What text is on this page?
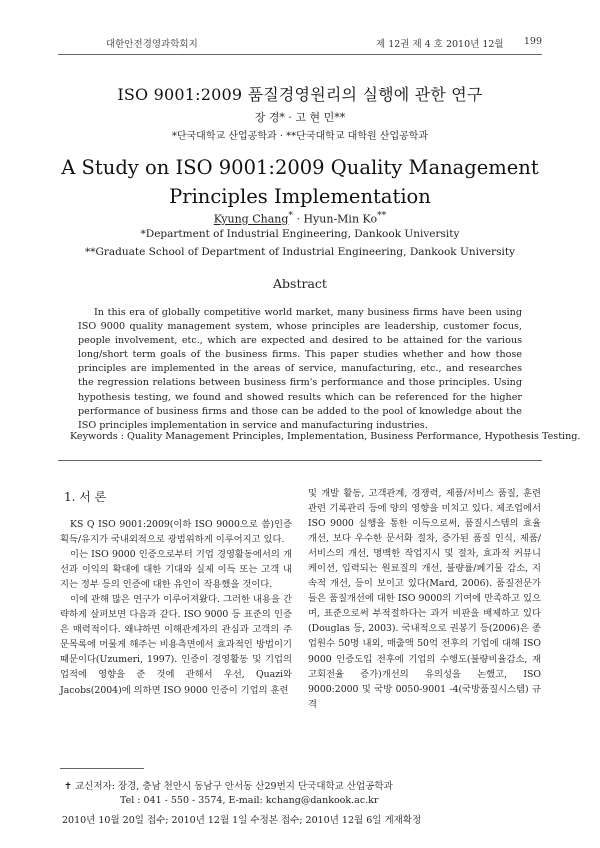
대한안전경영과학회지	제 12권 제 4 호 2010년 12월 199
ISO 9001:2009 품질경영원리의 실행에 관한 연구
장 경* · 고 현 민**
*단국대학교 산업공학과 · **단국대학교 대학원 산업공학과
A Study on ISO 9001:2009 Quality Management Principles Implementation
Kyung Chang* · Hyun-Min Ko**
*Department of Industrial Engineering, Dankook University
**Graduate School of Department of Industrial Engineering, Dankook University
Abstract

In this era of globally competitive world market, many business firms have been using ISO 9000 quality management system, whose principles are leadership, customer focus, people involvement, etc., which are expected and desired to be attained for the various long/short term goals of the business firms. This paper studies whether and how those principles are implemented in the areas of service, manufacturing, etc., and researches the regression relations between business firm's performance and those principles. Using hypothesis testing, we found and showed results which can be referenced for the higher performance of business firms and those can be added to the pool of knowledge about the ISO principles implementation in service and manufacturing industries.

Keywords : Quality Management Principles, Implementation, Business Performance, Hypothesis Testing.
1. 서 론

KS Q ISO 9001:2009(이하 ISO 9000으로 씀)인증 획득/유지가 국내외적으로 광범위하게 이루어지고 있다.

이는 ISO 9000 인증으로부터 기업 경영활동에서의 개선과 이익의 확대에 대한 기대와 실제 이득 또는 고객 내지는 정부 등의 인증에 대한 유인이 작용했을 것이다.

이에 관해 많은 연구가 이루어져왔다. 그러한 내용을 간략하게 살펴보면 다음과 같다. ISO 9000 등 표준의 인증은 매력적이다. 왜냐하면 이해관계자의 관심과 고객의 주문목록에 머물게 해주는 비용측면에서 효과적인 방법이기 때문이다(Uzumeri, 1997). 인증이 경영활동 및 기업의 업적에 영향을 준 것에 관해서 우선, Quazi와 Jacobs(2004)에 의하면 ISO 9000 인증이 기업의 훈련

및 개발 활동, 고객관계, 경쟁력, 제품/서비스 품질, 훈련관련 기록관리 등에 양의 영향을 미치고 있다. 제조업에서 ISO 9000 실행을 통한 이득으로써, 품질시스템의 효율 개선, 보다 우수한 문서화 절차, 증가된 품질 인식, 제품/서비스의 개선, 명백한 작업지시 및 절차, 효과적 커뮤니케이션, 입력되는 원료질의 개선, 불량률/폐기물 감소, 지속적 개선, 등이 보이고 있다(Mard, 2006). 품질전문가들은 품질개선에 대한 ISO 9000의 기여에 만족하고 있으며, 표준으로써 부적절하다는 과거 비판을 배제하고 있다(Douglas 등, 2003). 국내적으로 권봉기 등(2006)은 종업원수 50명 내외, 매출액 50억 전후의 기업에 대해 ISO 9000 인증도입 전후에 기업의 수행도(불량비율감소, 재고회전율 증가)개선의 유의성을 논했고, ISO 9000:2000 및 국방 0050-9001 -4(국방품질시스템) 규격

✝ 교신저자: 장경, 충남 천안시 동남구 안서동 산29번지 단국대학교 산업공학과
Tel : 041 - 550 - 3574, E-mail: kchang@dankook.ac.kr
2010년 10월 20일 접수; 2010년 12월 1일 수정본 접수; 2010년 12월 6일 게재확정
